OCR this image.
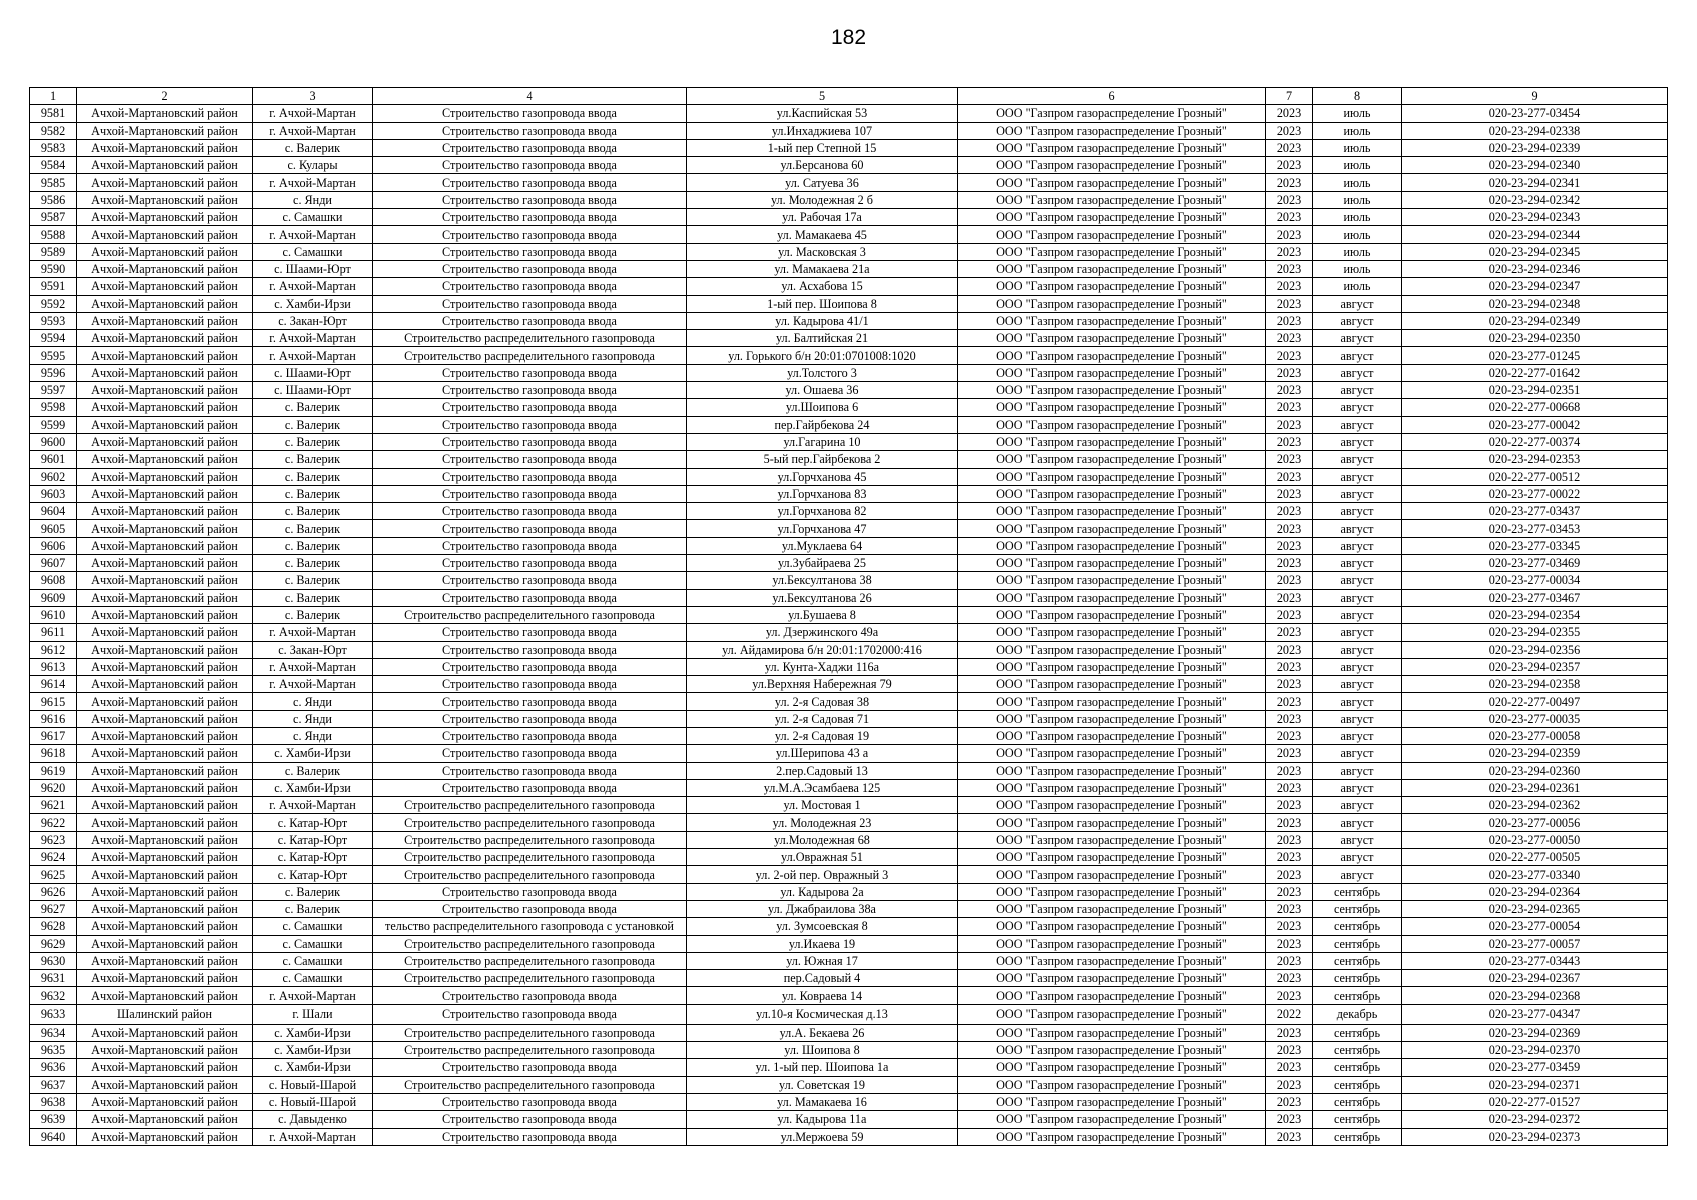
182
1	2	3	4	5	6	7	8	9
9581	Ачхой-Мартановский район	г. Ачхой-Мартан	Строительство газопровода ввода	ул.Каспийская 53	ООО "Газпром газораспределение Грозный"	2023	июль	020-23-277-03454
9582	Ачхой-Мартановский район	г. Ачхой-Мартан	Строительство газопровода ввода	ул.Инхаджиева 107	ООО "Газпром газораспределение Грозный"	2023	июль	020-23-294-02338
9583	Ачхой-Мартановский район	с. Валерик	Строительство газопровода ввода	1-ый пер Степной 15	ООО "Газпром газораспределение Грозный"	2023	июль	020-23-294-02339
9584	Ачхой-Мартановский район	с. Кулары	Строительство газопровода ввода	ул.Берсанова 60	ООО "Газпром газораспределение Грозный"	2023	июль	020-23-294-02340
9585	Ачхой-Мартановский район	г. Ачхой-Мартан	Строительство газопровода ввода	ул. Сатуева 36	ООО "Газпром газораспределение Грозный"	2023	июль	020-23-294-02341
9586	Ачхой-Мартановский район	с. Янди	Строительство газопровода ввода	ул. Молодежная 2 б	ООО "Газпром газораспределение Грозный"	2023	июль	020-23-294-02342
9587	Ачхой-Мартановский район	с. Самашки	Строительство газопровода ввода	ул. Рабочая 17а	ООО "Газпром газораспределение Грозный"	2023	июль	020-23-294-02343
9588	Ачхой-Мартановский район	г. Ачхой-Мартан	Строительство газопровода ввода	ул. Мамакаева 45	ООО "Газпром газораспределение Грозный"	2023	июль	020-23-294-02344
9589	Ачхой-Мартановский район	с. Самашки	Строительство газопровода ввода	ул. Масковская 3	ООО "Газпром газораспределение Грозный"	2023	июль	020-23-294-02345
9590	Ачхой-Мартановский район	с. Шаами-Юрт	Строительство газопровода ввода	ул. Мамакаева 21а	ООО "Газпром газораспределение Грозный"	2023	июль	020-23-294-02346
9591	Ачхой-Мартановский район	г. Ачхой-Мартан	Строительство газопровода ввода	ул. Асхабова 15	ООО "Газпром газораспределение Грозный"	2023	июль	020-23-294-02347
9592	Ачхой-Мартановский район	с. Хамби-Ирзи	Строительство газопровода ввода	1-ый пер. Шоипова 8	ООО "Газпром газораспределение Грозный"	2023	август	020-23-294-02348
9593	Ачхой-Мартановский район	с. Закан-Юрт	Строительство газопровода ввода	ул. Кадырова 41/1	ООО "Газпром газораспределение Грозный"	2023	август	020-23-294-02349
9594	Ачхой-Мартановский район	г. Ачхой-Мартан	Строительство распределительного газопровода	ул. Балтийская 21	ООО "Газпром газораспределение Грозный"	2023	август	020-23-294-02350
9595	Ачхой-Мартановский район	г. Ачхой-Мартан	Строительство распределительного газопровода	ул. Горького б/н 20:01:0701008:1020	ООО "Газпром газораспределение Грозный"	2023	август	020-23-277-01245
9596	Ачхой-Мартановский район	с. Шаами-Юрт	Строительство газопровода ввода	ул.Толстого 3	ООО "Газпром газораспределение Грозный"	2023	август	020-22-277-01642
9597	Ачхой-Мартановский район	с. Шаами-Юрт	Строительство газопровода ввода	ул. Ошаева 36	ООО "Газпром газораспределение Грозный"	2023	август	020-23-294-02351
9598	Ачхой-Мартановский район	с. Валерик	Строительство газопровода ввода	ул.Шоипова 6	ООО "Газпром газораспределение Грозный"	2023	август	020-22-277-00668
9599	Ачхой-Мартановский район	с. Валерик	Строительство газопровода ввода	пер.Гайрбекова 24	ООО "Газпром газораспределение Грозный"	2023	август	020-23-277-00042
9600	Ачхой-Мартановский район	с. Валерик	Строительство газопровода ввода	ул.Гагарина 10	ООО "Газпром газораспределение Грозный"	2023	август	020-22-277-00374
9601	Ачхой-Мартановский район	с. Валерик	Строительство газопровода ввода	5-ый пер.Гайрбекова 2	ООО "Газпром газораспределение Грозный"	2023	август	020-23-294-02353
9602	Ачхой-Мартановский район	с. Валерик	Строительство газопровода ввода	ул.Горчханова 45	ООО "Газпром газораспределение Грозный"	2023	август	020-22-277-00512
9603	Ачхой-Мартановский район	с. Валерик	Строительство газопровода ввода	ул.Горчханова 83	ООО "Газпром газораспределение Грозный"	2023	август	020-23-277-00022
9604	Ачхой-Мартановский район	с. Валерик	Строительство газопровода ввода	ул.Горчханова 82	ООО "Газпром газораспределение Грозный"	2023	август	020-23-277-03437
9605	Ачхой-Мартановский район	с. Валерик	Строительство газопровода ввода	ул.Горчханова 47	ООО "Газпром газораспределение Грозный"	2023	август	020-23-277-03453
9606	Ачхой-Мартановский район	с. Валерик	Строительство газопровода ввода	ул.Муклаева 64	ООО "Газпром газораспределение Грозный"	2023	август	020-23-277-03345
9607	Ачхой-Мартановский район	с. Валерик	Строительство газопровода ввода	ул.Зубайраева 25	ООО "Газпром газораспределение Грозный"	2023	август	020-23-277-03469
9608	Ачхой-Мартановский район	с. Валерик	Строительство газопровода ввода	ул.Бексултанова 38	ООО "Газпром газораспределение Грозный"	2023	август	020-23-277-00034
9609	Ачхой-Мартановский район	с. Валерик	Строительство газопровода ввода	ул.Бексултанова 26	ООО "Газпром газораспределение Грозный"	2023	август	020-23-277-03467
9610	Ачхой-Мартановский район	с. Валерик	Строительство распределительного газопровода	ул.Бушаева 8	ООО "Газпром газораспределение Грозный"	2023	август	020-23-294-02354
9611	Ачхой-Мартановский район	г. Ачхой-Мартан	Строительство газопровода ввода	ул. Дзержинского 49а	ООО "Газпром газораспределение Грозный"	2023	август	020-23-294-02355
9612	Ачхой-Мартановский район	с. Закан-Юрт	Строительство газопровода ввода	ул. Айдамирова б/н 20:01:1702000:416	ООО "Газпром газораспределение Грозный"	2023	август	020-23-294-02356
9613	Ачхой-Мартановский район	г. Ачхой-Мартан	Строительство газопровода ввода	ул. Кунта-Хаджи 116а	ООО "Газпром газораспределение Грозный"	2023	август	020-23-294-02357
9614	Ачхой-Мартановский район	г. Ачхой-Мартан	Строительство газопровода ввода	ул.Верхняя Набережная 79	ООО "Газпром газораспределение Грозный"	2023	август	020-23-294-02358
9615	Ачхой-Мартановский район	с. Янди	Строительство газопровода ввода	ул. 2-я Садовая 38	ООО "Газпром газораспределение Грозный"	2023	август	020-22-277-00497
9616	Ачхой-Мартановский район	с. Янди	Строительство газопровода ввода	ул. 2-я Садовая 71	ООО "Газпром газораспределение Грозный"	2023	август	020-23-277-00035
9617	Ачхой-Мартановский район	с. Янди	Строительство газопровода ввода	ул. 2-я Садовая 19	ООО "Газпром газораспределение Грозный"	2023	август	020-23-277-00058
9618	Ачхой-Мартановский район	с. Хамби-Ирзи	Строительство газопровода ввода	ул.Шерипова 43 а	ООО "Газпром газораспределение Грозный"	2023	август	020-23-294-02359
9619	Ачхой-Мартановский район	с. Валерик	Строительство газопровода ввода	2.пер.Садовый 13	ООО "Газпром газораспределение Грозный"	2023	август	020-23-294-02360
9620	Ачхой-Мартановский район	с. Хамби-Ирзи	Строительство газопровода ввода	ул.М.А.Эсамбаева 125	ООО "Газпром газораспределение Грозный"	2023	август	020-23-294-02361
9621	Ачхой-Мартановский район	г. Ачхой-Мартан	Строительство распределительного газопровода	ул. Мостовая 1	ООО "Газпром газораспределение Грозный"	2023	август	020-23-294-02362
9622	Ачхой-Мартановский район	с. Катар-Юрт	Строительство распределительного газопровода	ул. Молодежная 23	ООО "Газпром газораспределение Грозный"	2023	август	020-23-277-00056
9623	Ачхой-Мартановский район	с. Катар-Юрт	Строительство распределительного газопровода	ул.Молодежная 68	ООО "Газпром газораспределение Грозный"	2023	август	020-23-277-00050
9624	Ачхой-Мартановский район	с. Катар-Юрт	Строительство распределительного газопровода	ул.Овражная 51	ООО "Газпром газораспределение Грозный"	2023	август	020-22-277-00505
9625	Ачхой-Мартановский район	с. Катар-Юрт	Строительство распределительного газопровода	ул. 2-ой пер. Овражный 3	ООО "Газпром газораспределение Грозный"	2023	август	020-23-277-03340
9626	Ачхой-Мартановский район	с. Валерик	Строительство газопровода ввода	ул. Кадырова 2а	ООО "Газпром газораспределение Грозный"	2023	сентябрь	020-23-294-02364
9627	Ачхой-Мартановский район	с. Валерик	Строительство газопровода ввода	ул. Джабраилова 38а	ООО "Газпром газораспределение Грозный"	2023	сентябрь	020-23-294-02365
9628	Ачхой-Мартановский район	с. Самашки	тельство распределительного газопровода с установкой	ул. Зумсоевская 8	ООО "Газпром газораспределение Грозный"	2023	сентябрь	020-23-277-00054
9629	Ачхой-Мартановский район	с. Самашки	Строительство распределительного газопровода	ул.Икаева 19	ООО "Газпром газораспределение Грозный"	2023	сентябрь	020-23-277-00057
9630	Ачхой-Мартановский район	с. Самашки	Строительство распределительного газопровода	ул. Южная 17	ООО "Газпром газораспределение Грозный"	2023	сентябрь	020-23-277-03443
9631	Ачхой-Мартановский район	с. Самашки	Строительство распределительного газопровода	пер.Садовый 4	ООО "Газпром газораспределение Грозный"	2023	сентябрь	020-23-294-02367
9632	Ачхой-Мартановский район	г. Ачхой-Мартан	Строительство газопровода ввода	ул. Ковраева 14	ООО "Газпром газораспределение Грозный"	2023	сентябрь	020-23-294-02368
9633	Шалинский район	г. Шали	Строительство газопровода ввода	ул.10-я Космическая д.13	ООО "Газпром газораспределение Грозный"	2022	декабрь	020-23-277-04347
9634	Ачхой-Мартановский район	с. Хамби-Ирзи	Строительство распределительного газопровода	ул.А. Бекаева 26	ООО "Газпром газораспределение Грозный"	2023	сентябрь	020-23-294-02369
9635	Ачхой-Мартановский район	с. Хамби-Ирзи	Строительство распределительного газопровода	ул. Шоипова 8	ООО "Газпром газораспределение Грозный"	2023	сентябрь	020-23-294-02370
9636	Ачхой-Мартановский район	с. Хамби-Ирзи	Строительство газопровода ввода	ул. 1-ый пер. Шоипова 1а	ООО "Газпром газораспределение Грозный"	2023	сентябрь	020-23-277-03459
9637	Ачхой-Мартановский район	с. Новый-Шарой	Строительство распределительного газопровода	ул. Советская 19	ООО "Газпром газораспределение Грозный"	2023	сентябрь	020-23-294-02371
9638	Ачхой-Мартановский район	с. Новый-Шарой	Строительство газопровода ввода	ул. Мамакаева 16	ООО "Газпром газораспределение Грозный"	2023	сентябрь	020-22-277-01527
9639	Ачхой-Мартановский район	с. Давыденко	Строительство газопровода ввода	ул. Кадырова 11а	ООО "Газпром газораспределение Грозный"	2023	сентябрь	020-23-294-02372
9640	Ачхой-Мартановский район	г. Ачхой-Мартан	Строительство газопровода ввода	ул.Мержоева 59	ООО "Газпром газораспределение Грозный"	2023	сентябрь	020-23-294-02373
